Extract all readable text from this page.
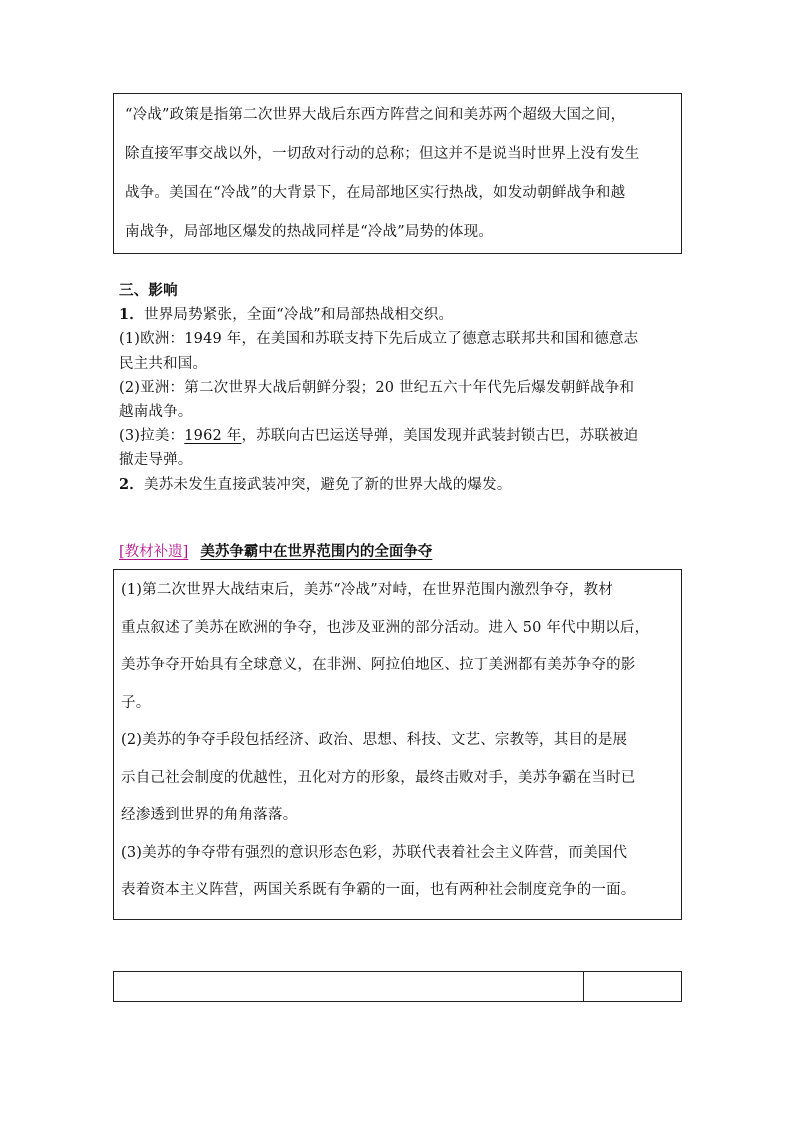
“冷战”政策是指第二次世界大战后东西方阵营之间和美苏两个超级大国之间，

除直接军事交战以外，一切敌对行动的总称；但这并不是说当时世界上没有发生

战争。美国在“冷战”的大背景下，在局部地区实行热战，如发动朝鲜战争和越

南战争，局部地区爆发的热战同样是“冷战”局势的体现。

三、影响

1．世界局势紧张，全面“冷战”和局部热战相交织。

(1)欧洲：1949 年，在美国和苏联支持下先后成立了德意志联邦共和国和德意志

民主共和国。

(2)亚洲：第二次世界大战后朝鲜分裂；20 世纪五六十年代先后爆发朝鲜战争和

越南战争。

(3)拉美：1962 年，苏联向古巴运送导弹，美国发现并武装封锁古巴，苏联被迫

撤走导弹。

2．美苏未发生直接武装冲突，避免了新的世界大战的爆发。

[教材补遗] 美苏争霸中在世界范围内的全面争夺

(1)第二次世界大战结束后，美苏“冷战”对峙，在世界范围内激烈争夺，教材

重点叙述了美苏在欧洲的争夺，也涉及亚洲的部分活动。进入 50 年代中期以后，

美苏争夺开始具有全球意义，在非洲、阿拉伯地区、拉丁美洲都有美苏争夺的影

子。

(2)美苏的争夺手段包括经济、政治、思想、科技、文艺、宗教等，其目的是展

示自己社会制度的优越性，丑化对方的形象，最终击败对手，美苏争霸在当时已

经渗透到世界的角角落落。

(3)美苏的争夺带有强烈的意识形态色彩，苏联代表着社会主义阵营，而美国代

表着资本主义阵营，两国关系既有争霸的一面，也有两种社会制度竞争的一面。
